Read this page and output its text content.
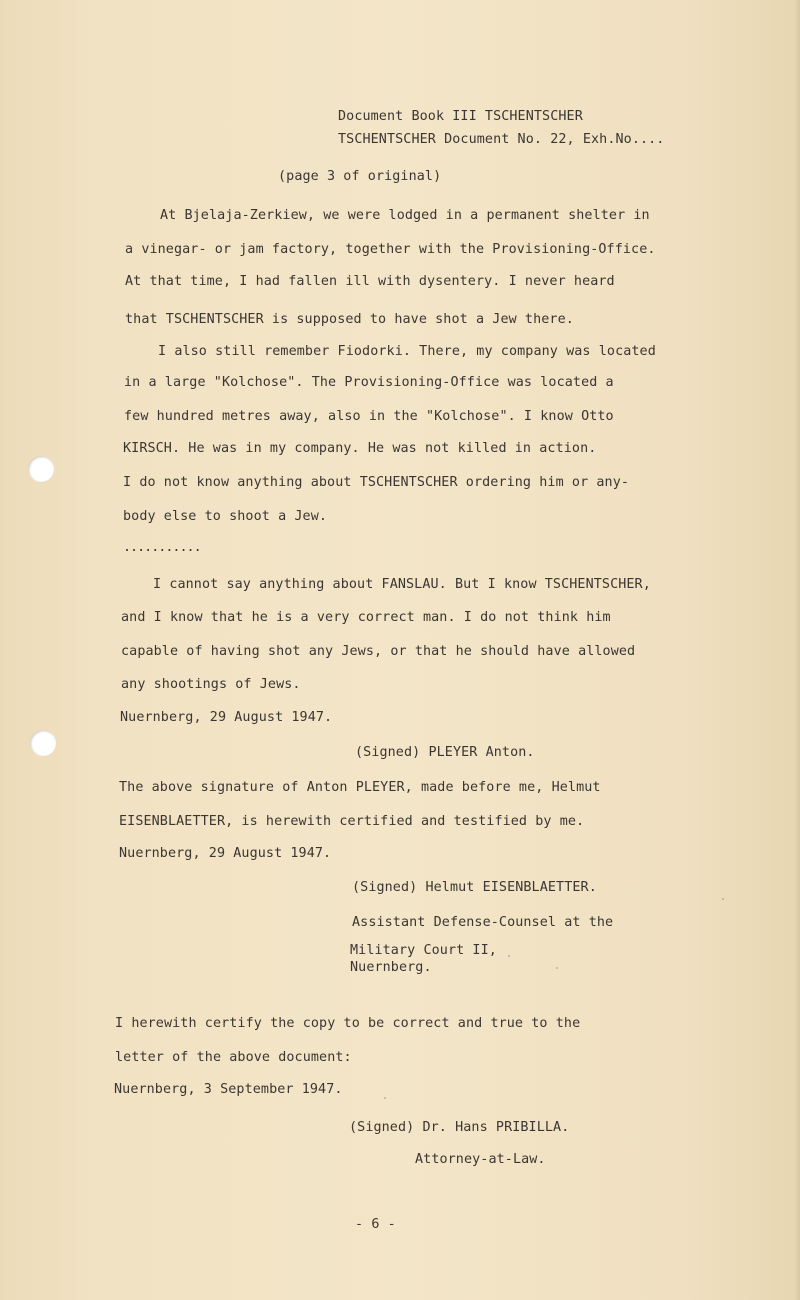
Document Book III TSCHENTSCHER
TSCHENTSCHER Document No. 22, Exh.No....
(page 3 of original)
At Bjelaja-Zerkiew, we were lodged in a permanent shelter in
a vinegar- or jam factory, together with the Provisioning-Office.
At that time, I had fallen ill with dysentery. I never heard
that TSCHENTSCHER is supposed to have shot a Jew there.
I also still remember Fiodorki. There, my company was located
in a large "Kolchose". The Provisioning-Office was located a
few hundred metres away, also in the "Kolchose". I know Otto
KIRSCH. He was in my company. He was not killed in action.
I do not know anything about TSCHENTSCHER ordering him or any-
body else to shoot a Jew.
...........
I cannot say anything about FANSLAU. But I know TSCHENTSCHER,
and I know that he is a very correct man. I do not think him
capable of having shot any Jews, or that he should have allowed
any shootings of Jews.
Nuernberg, 29 August 1947.
(Signed) PLEYER Anton.
The above signature of Anton PLEYER, made before me, Helmut
EISENBLAETTER, is herewith certified and testified by me.
Nuernberg, 29 August 1947.
(Signed) Helmut EISENBLAETTER.
Assistant Defense-Counsel at the
Military Court II,
Nuernberg.
I herewith certify the copy to be correct and true to the
letter of the above document:
Nuernberg, 3 September 1947.
(Signed) Dr. Hans PRIBILLA.
Attorney-at-Law.
- 6 -
